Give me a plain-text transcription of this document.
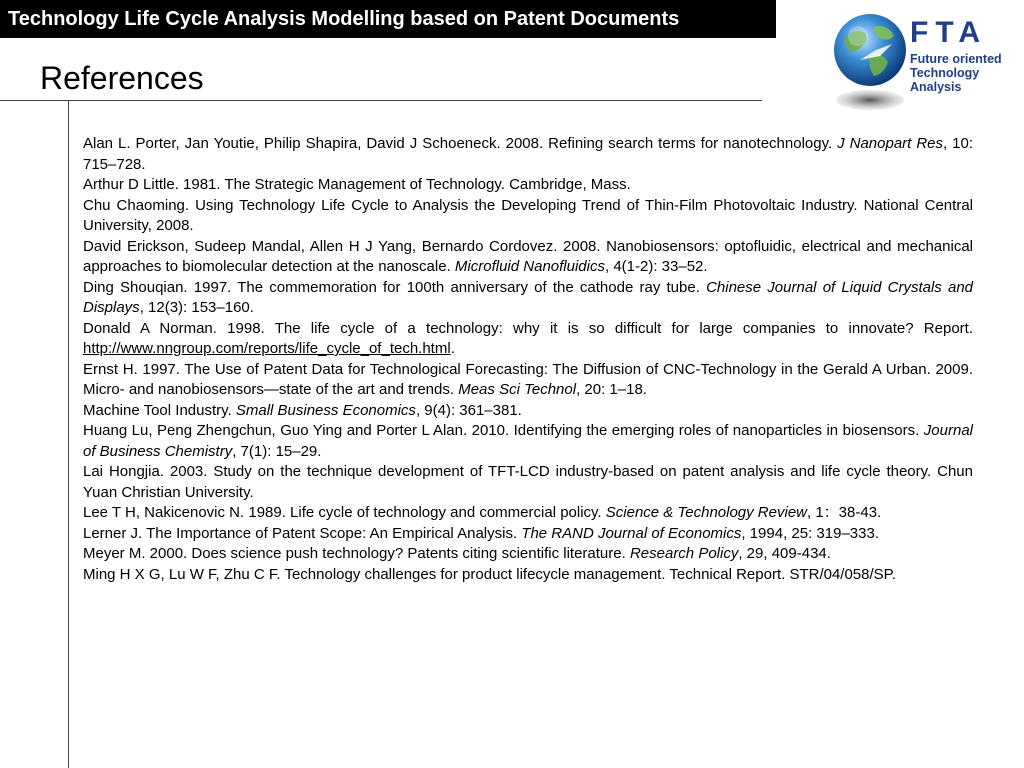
Technology Life Cycle Analysis Modelling based on Patent Documents
References
FTA
Future oriented
Technology
Analysis

Alan L. Porter, Jan Youtie, Philip Shapira, David J Schoeneck. 2008. Refining search terms for nanotechnology. J Nanopart Res, 10: 715–728.

Arthur D Little. 1981. The Strategic Management of Technology. Cambridge, Mass.

Chu Chaoming. Using Technology Life Cycle to Analysis the Developing Trend of Thin-Film Photovoltaic Industry. National Central University, 2008.

David Erickson, Sudeep Mandal, Allen H J Yang, Bernardo Cordovez. 2008. Nanobiosensors: optofluidic, electrical and mechanical approaches to biomolecular detection at the nanoscale. Microfluid Nanofluidics, 4(1-2): 33–52.

Ding Shouqian. 1997. The commemoration for 100th anniversary of the cathode ray tube. Chinese Journal of Liquid Crystals and Displays, 12(3): 153–160.

Donald A Norman. 1998. The life cycle of a technology: why it is so difficult for large companies to innovate? Report. http://www.nngroup.com/reports/life_cycle_of_tech.html.

Ernst H. 1997. The Use of Patent Data for Technological Forecasting: The Diffusion of CNC-Technology in the Gerald A Urban. 2009. Micro- and nanobiosensors—state of the art and trends. Meas Sci Technol, 20: 1–18.

Machine Tool Industry. Small Business Economics, 9(4): 361–381.

Huang Lu, Peng Zhengchun, Guo Ying and Porter L Alan. 2010. Identifying the emerging roles of nanoparticles in biosensors. Journal of Business Chemistry, 7(1): 15–29.

Lai Hongjia. 2003. Study on the technique development of TFT-LCD industry-based on patent analysis and life cycle theory. Chun Yuan Christian University.

Lee T H, Nakicenovic N. 1989. Life cycle of technology and commercial policy. Science & Technology Review, 1：38-43.

Lerner J. The Importance of Patent Scope: An Empirical Analysis. The RAND Journal of Economics, 1994, 25: 319–333.

Meyer M. 2000. Does science push technology? Patents citing scientific literature. Research Policy, 29, 409-434.

Ming H X G, Lu W F, Zhu C F. Technology challenges for product lifecycle management. Technical Report. STR/04/058/SP.
